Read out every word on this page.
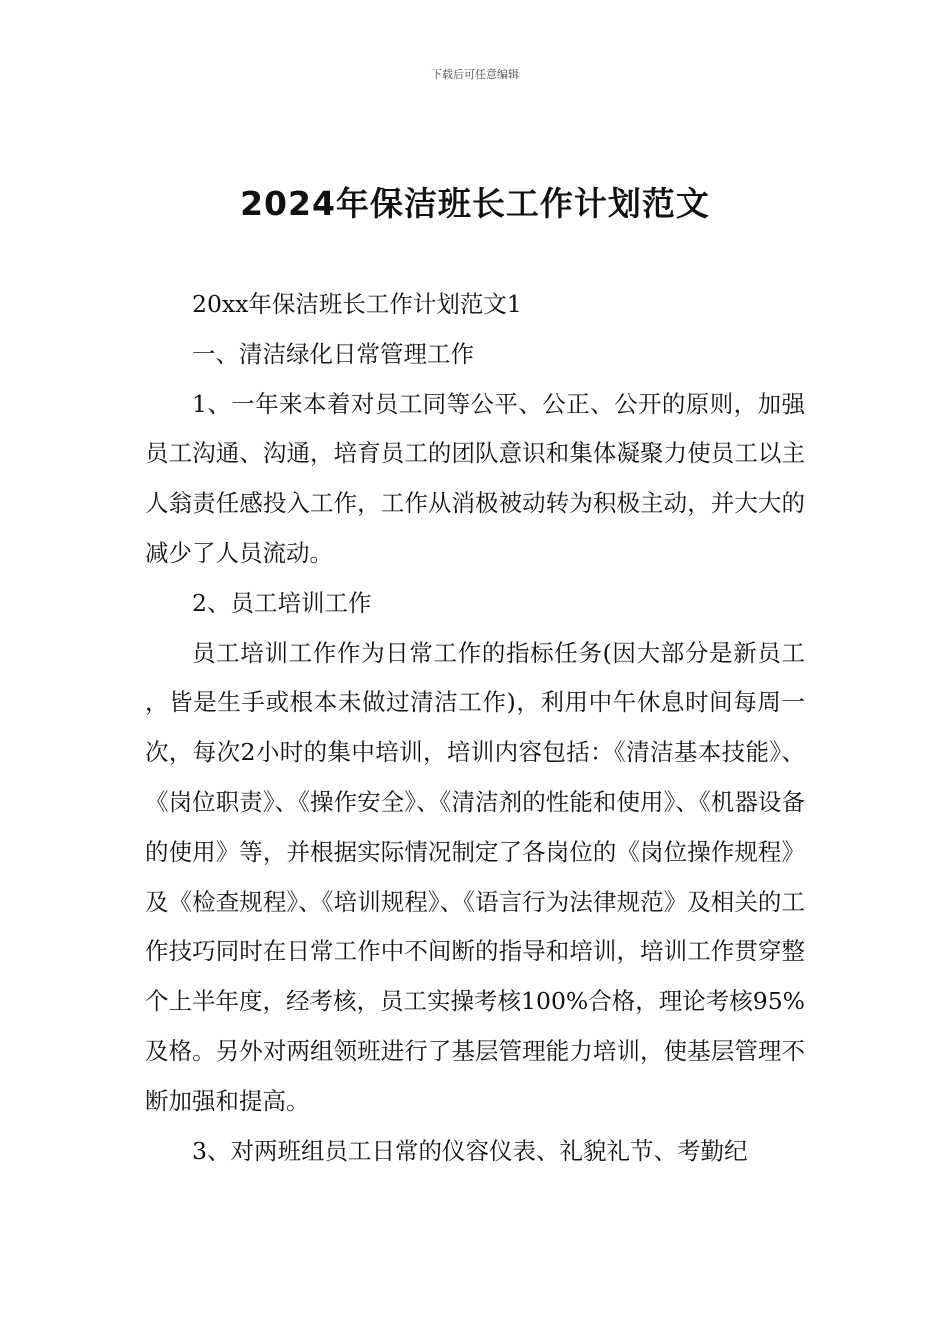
下载后可任意编辑
2024年保洁班长工作计划范文

20xx年保洁班长工作计划范文1

一、清洁绿化日常管理工作

1、一年来本着对员工同等公平、公正、公开的原则，加强员工沟通、沟通，培育员工的团队意识和集体凝聚力使员工以主人翁责任感投入工作，工作从消极被动转为积极主动，并大大的减少了人员流动。

2、员工培训工作

员工培训工作作为日常工作的指标任务(因大部分是新员工，皆是生手或根本未做过清洁工作)，利用中午休息时间每周一次，每次2小时的集中培训，培训内容包括：《清洁基本技能》、《岗位职责》、《操作安全》、《清洁剂的性能和使用》、《机器设备的使用》等，并根据实际情况制定了各岗位的《岗位操作规程》及《检查规程》、《培训规程》、《语言行为法律规范》及相关的工作技巧同时在日常工作中不间断的指导和培训，培训工作贯穿整个上半年度，经考核，员工实操考核100%合格，理论考核95%及格。另外对两组领班进行了基层管理能力培训，使基层管理不断加强和提高。

3、对两班组员工日常的仪容仪表、礼貌礼节、考勤纪
